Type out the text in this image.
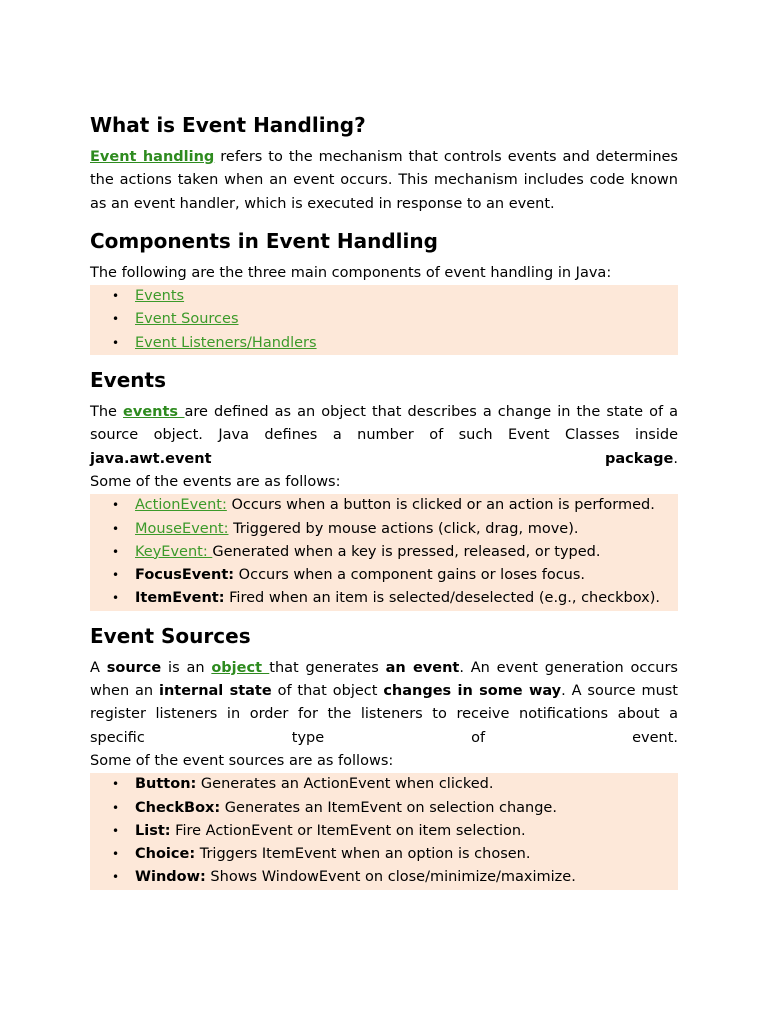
What is Event Handling?

Event handling refers to the mechanism that controls events and determines the actions taken when an event occurs. This mechanism includes code known as an event handler, which is executed in response to an event.

Components in Event Handling

The following are the three main components of event handling in Java:

• Events
• Event Sources
• Event Listeners/Handlers
Events

The events are defined as an object that describes a change in the state of a source object. Java defines a number of such Event Classes inside java.awt.event	package.

Some of the events are as follows:

• ActionEvent: Occurs when a button is clicked or an action is performed.
• MouseEvent: Triggered by mouse actions (click, drag, move).
• KeyEvent: Generated when a key is pressed, released, or typed.
• FocusEvent: Occurs when a component gains or loses focus.
• ItemEvent: Fired when an item is selected/deselected (e.g., checkbox).
Event Sources

A source is an object that generates an event. An event generation occurs when an internal state of that object changes in some way. A source must register listeners in order for the listeners to receive notifications about a specific type of event.

Some of the event sources are as follows:

• Button: Generates an ActionEvent when clicked.
• CheckBox: Generates an ItemEvent on selection change.
• List: Fire ActionEvent or ItemEvent on item selection.
• Choice: Triggers ItemEvent when an option is chosen.
• Window: Shows WindowEvent on close/minimize/maximize.
